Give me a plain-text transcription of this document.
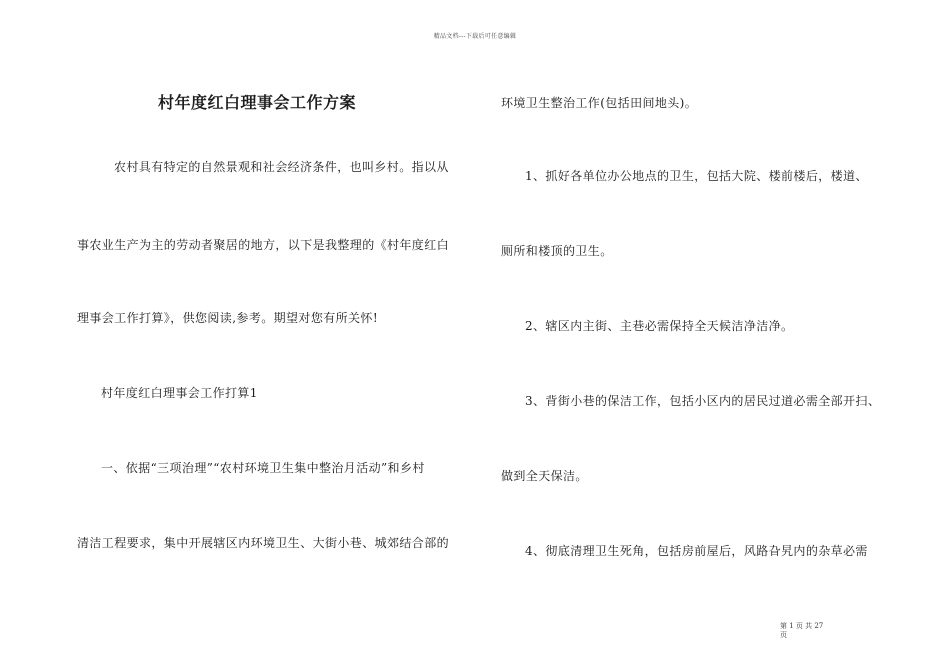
精品文档---下载后可任意编辑
村年度红白理事会工作方案
农村具有特定的自然景观和社会经济条件，也叫乡村。指以从
事农业生产为主的劳动者聚居的地方，以下是我整理的《村年度红白
理事会工作打算》，供您阅读,参考。期望对您有所关怀!
村年度红白理事会工作打算1
一、依据“三项治理”“农村环境卫生集中整治月活动”和乡村
清洁工程要求，集中开展辖区内环境卫生、大街小巷、城郊结合部的
环境卫生整治工作(包括田间地头)。
1、抓好各单位办公地点的卫生，包括大院、楼前楼后，楼道、
厕所和楼顶的卫生。
2、辖区内主街、主巷必需保持全天候洁净洁净。
3、背街小巷的保洁工作，包括小区内的居民过道必需全部开扫、
做到全天保洁。
4、彻底清理卫生死角，包括房前屋后，风路旮旯内的杂草必需
第 1 页 共 27
页
